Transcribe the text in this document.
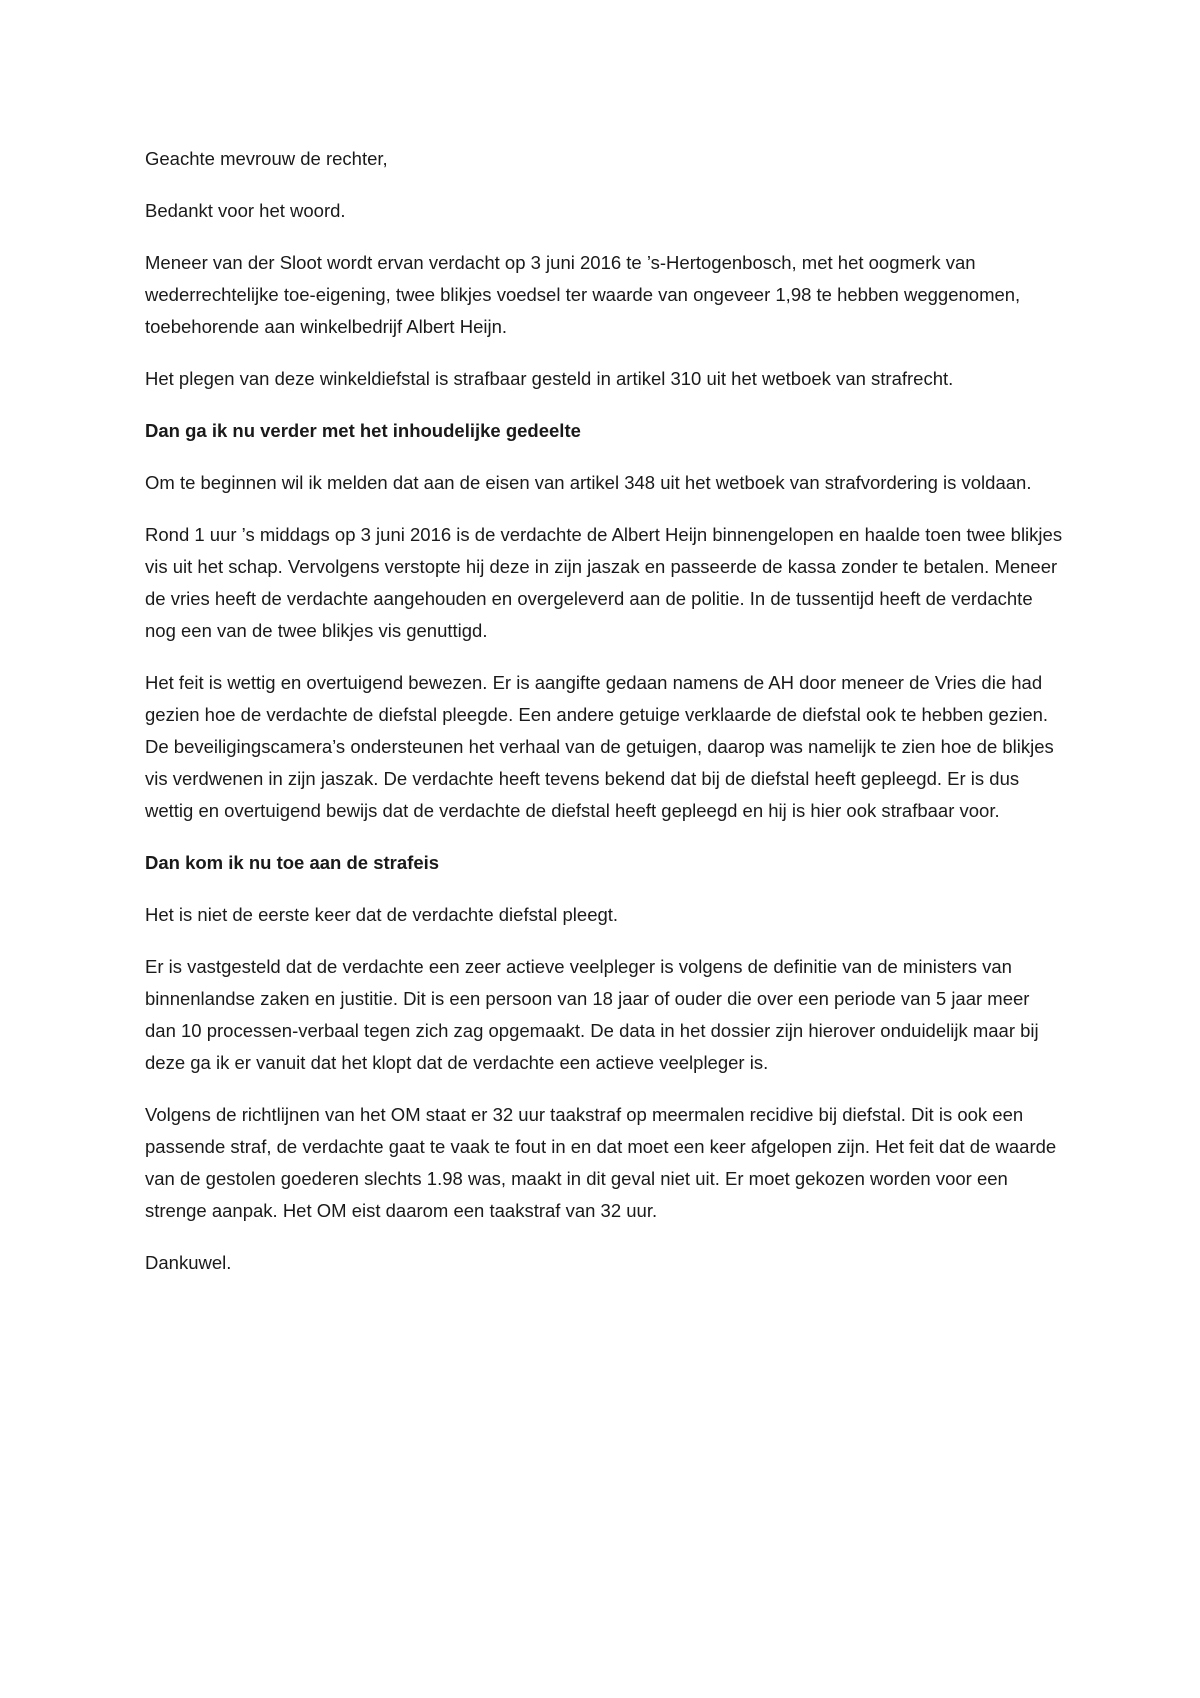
Geachte mevrouw de rechter,

Bedankt voor het woord.

Meneer van der Sloot wordt ervan verdacht op 3 juni 2016 te ’s-Hertogenbosch, met het oogmerk van wederrechtelijke toe-eigening, twee blikjes voedsel ter waarde van ongeveer 1,98 te hebben weggenomen, toebehorende aan winkelbedrijf Albert Heijn.

Het plegen van deze winkeldiefstal is strafbaar gesteld in artikel 310 uit het wetboek van strafrecht.

Dan ga ik nu verder met het inhoudelijke gedeelte

Om te beginnen wil ik melden dat aan de eisen van artikel 348 uit het wetboek van strafvordering is voldaan.

Rond 1 uur ’s middags op 3 juni 2016 is de verdachte de Albert Heijn binnengelopen en haalde toen twee blikjes vis uit het schap. Vervolgens verstopte hij deze in zijn jaszak en passeerde de kassa zonder te betalen. Meneer de vries heeft de verdachte aangehouden en overgeleverd aan de politie. In de tussentijd heeft de verdachte nog een van de twee blikjes vis genuttigd.

Het feit is wettig en overtuigend bewezen. Er is aangifte gedaan namens de AH door meneer de Vries die had gezien hoe de verdachte de diefstal pleegde. Een andere getuige verklaarde de diefstal ook te hebben gezien. De beveiligingscamera’s ondersteunen het verhaal van de getuigen, daarop was namelijk te zien hoe de blikjes vis verdwenen in zijn jaszak. De verdachte heeft tevens bekend dat bij de diefstal heeft gepleegd. Er is dus wettig en overtuigend bewijs dat de verdachte de diefstal heeft gepleegd en hij is hier ook strafbaar voor.

Dan kom ik nu toe aan de strafeis

Het is niet de eerste keer dat de verdachte diefstal pleegt.

Er is vastgesteld dat de verdachte een zeer actieve veelpleger is volgens de definitie van de ministers van binnenlandse zaken en justitie. Dit is een persoon van 18 jaar of ouder die over een periode van 5 jaar meer dan 10 processen-verbaal tegen zich zag opgemaakt. De data in het dossier zijn hierover onduidelijk maar bij deze ga ik er vanuit dat het klopt dat de verdachte een actieve veelpleger is.

Volgens de richtlijnen van het OM staat er 32 uur taakstraf op meermalen recidive bij diefstal. Dit is ook een passende straf, de verdachte gaat te vaak te fout in en dat moet een keer afgelopen zijn. Het feit dat de waarde van de gestolen goederen slechts 1.98 was, maakt in dit geval niet uit. Er moet gekozen worden voor een strenge aanpak. Het OM eist daarom een taakstraf van 32 uur.

Dankuwel.
